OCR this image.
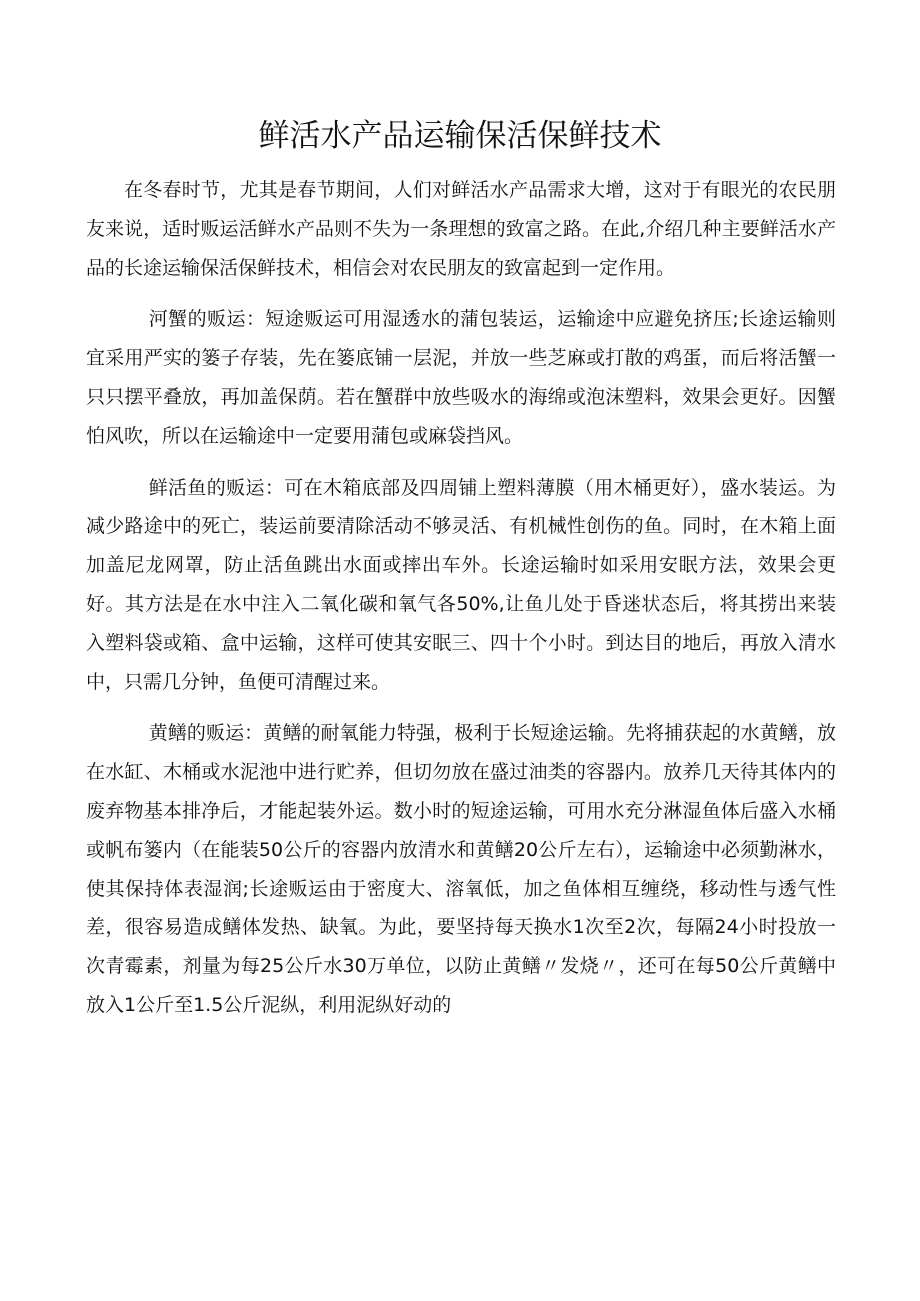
鲜活水产品运输保活保鲜技术

在冬春时节，尤其是春节期间，人们对鲜活水产品需求大增，这对于有眼光的农民朋友来说，适时贩运活鲜水产品则不失为一条理想的致富之路。在此,介绍几种主要鲜活水产品的长途运输保活保鲜技术，相信会对农民朋友的致富起到一定作用。

河蟹的贩运：短途贩运可用湿透水的蒲包装运，运输途中应避免挤压;长途运输则宜采用严实的篓子存装，先在篓底铺一层泥，并放一些芝麻或打散的鸡蛋，而后将活蟹一只只摆平叠放，再加盖保荫。若在蟹群中放些吸水的海绵或泡沫塑料，效果会更好。因蟹怕风吹，所以在运输途中一定要用蒲包或麻袋挡风。

鲜活鱼的贩运：可在木箱底部及四周铺上塑料薄膜（用木桶更好），盛水装运。为减少路途中的死亡，装运前要清除活动不够灵活、有机械性创伤的鱼。同时，在木箱上面加盖尼龙网罩，防止活鱼跳出水面或摔出车外。长途运输时如采用安眠方法，效果会更好。其方法是在水中注入二氧化碳和氧气各50%,让鱼儿处于昏迷状态后，将其捞出来装入塑料袋或箱、盒中运输，这样可使其安眠三、四十个小时。到达目的地后，再放入清水中，只需几分钟，鱼便可清醒过来。

黄鳝的贩运：黄鳝的耐氧能力特强，极利于长短途运输。先将捕获起的水黄鳝，放在水缸、木桶或水泥池中进行贮养，但切勿放在盛过油类的容器内。放养几天待其体内的废弃物基本排净后，才能起装外运。数小时的短途运输，可用水充分淋湿鱼体后盛入水桶或帆布篓内（在能装50公斤的容器内放清水和黄鳝20公斤左右），运输途中必须勤淋水，使其保持体表湿润;长途贩运由于密度大、溶氧低，加之鱼体相互缠绕，移动性与透气性差，很容易造成鳝体发热、缺氧。为此，要坚持每天换水1次至2次，每隔24小时投放一次青霉素，剂量为每25公斤水30万单位，以防止黄鳝〃发烧〃，还可在每50公斤黄鳝中放入1公斤至1.5公斤泥纵，利用泥纵好动的
